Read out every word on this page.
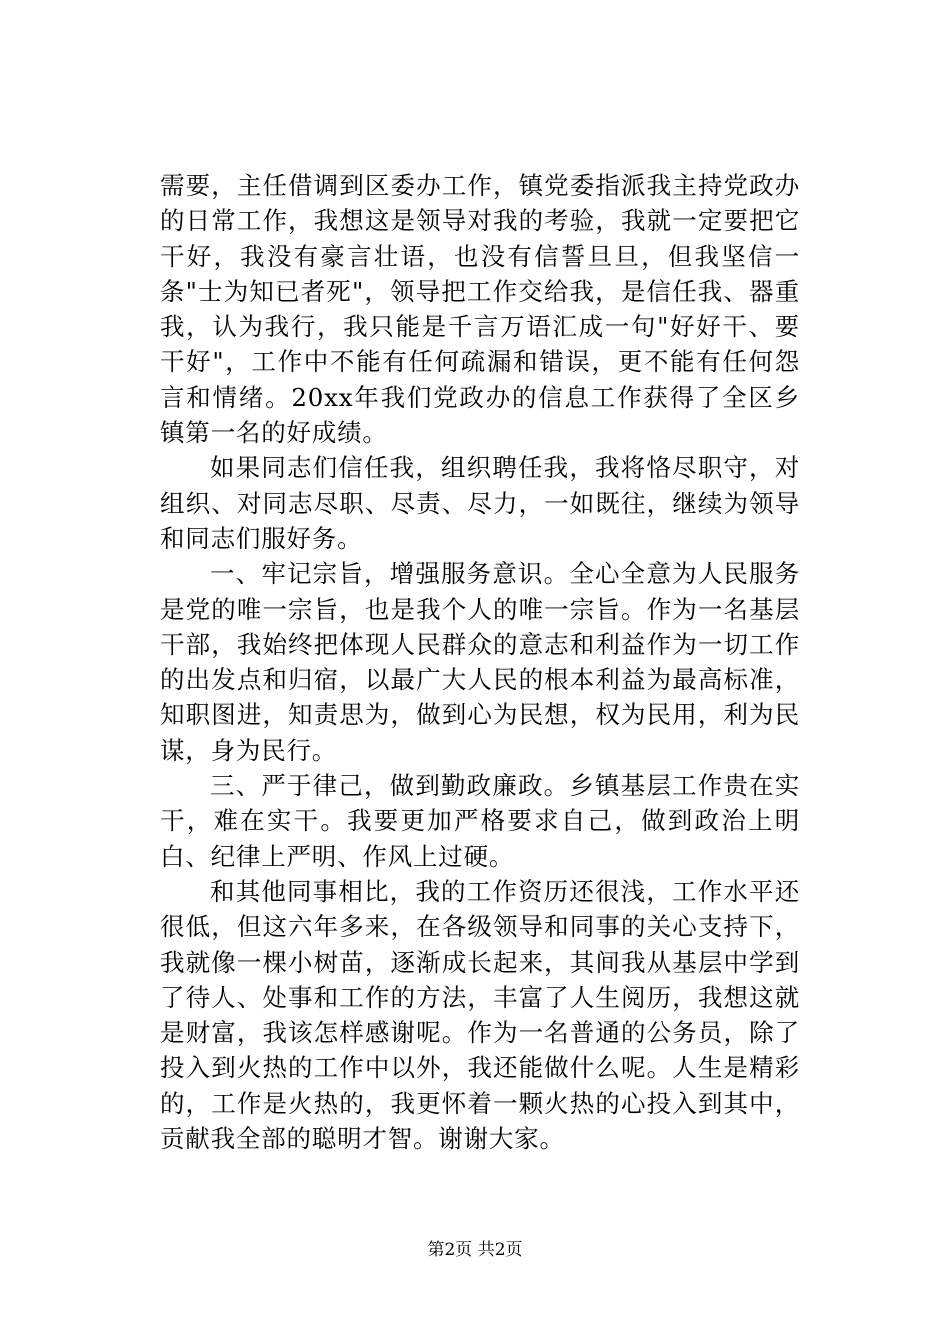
需要，主任借调到区委办工作，镇党委指派我主持党政办的日常工作，我想这是领导对我的考验，我就一定要把它干好，我没有豪言壮语，也没有信誓旦旦，但我坚信一条"士为知已者死"，领导把工作交给我，是信任我、器重我，认为我行，我只能是千言万语汇成一句"好好干、要干好"，工作中不能有任何疏漏和错误，更不能有任何怨言和情绪。20xx年我们党政办的信息工作获得了全区乡镇第一名的好成绩。

如果同志们信任我，组织聘任我，我将恪尽职守，对组织、对同志尽职、尽责、尽力，一如既往，继续为领导和同志们服好务。

一、牢记宗旨，增强服务意识。全心全意为人民服务是党的唯一宗旨，也是我个人的唯一宗旨。作为一名基层干部，我始终把体现人民群众的意志和利益作为一切工作的出发点和归宿，以最广大人民的根本利益为最高标准，知职图进，知责思为，做到心为民想，权为民用，利为民谋，身为民行。

三、严于律己，做到勤政廉政。乡镇基层工作贵在实干，难在实干。我要更加严格要求自己，做到政治上明白、纪律上严明、作风上过硬。

和其他同事相比，我的工作资历还很浅，工作水平还很低，但这六年多来，在各级领导和同事的关心支持下，我就像一棵小树苗，逐渐成长起来，其间我从基层中学到了待人、处事和工作的方法，丰富了人生阅历，我想这就是财富，我该怎样感谢呢。作为一名普通的公务员，除了投入到火热的工作中以外，我还能做什么呢。人生是精彩的，工作是火热的，我更怀着一颗火热的心投入到其中，贡献我全部的聪明才智。谢谢大家。

第2页 共2页
